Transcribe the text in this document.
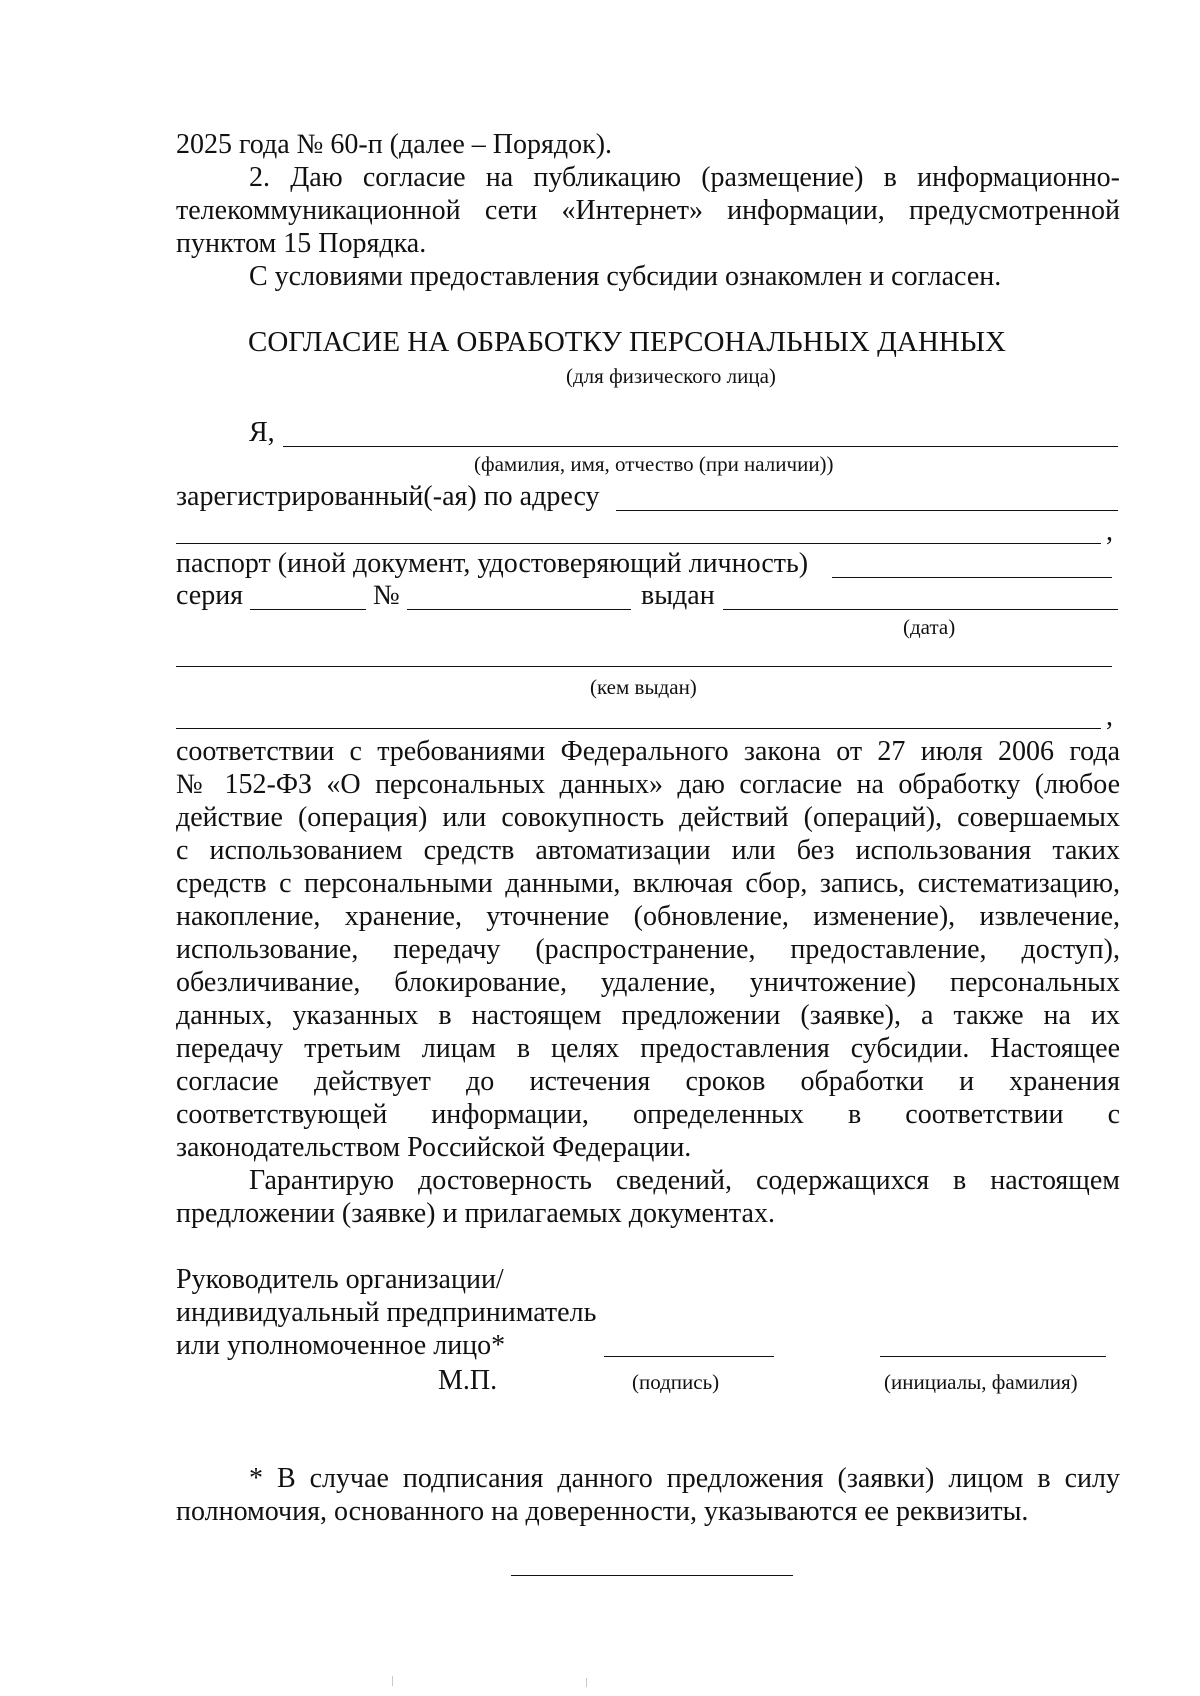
2025 года № 60-п (далее – Порядок).
2. Даю согласие на публикацию (размещение) в информационно-
телекоммуникационной сети «Интернет» информации, предусмотренной
пунктом 15 Порядка.
С условиями предоставления субсидии ознакомлен и согласен.
СОГЛАСИЕ НА ОБРАБОТКУ ПЕРСОНАЛЬНЫХ ДАННЫХ
(для физического лица)
Я,
(фамилия, имя, отчество (при наличии))
зарегистрированный(-ая) по адресу
,
паспорт (иной документ, удостоверяющий личность)
серия	№	выдан
(дата)
(кем выдан)
,
соответствии с требованиями Федерального закона от 27 июля 2006 года
№ 152-ФЗ «О персональных данных» даю согласие на обработку (любое
действие (операция) или совокупность действий (операций), совершаемых
с использованием средств автоматизации или без использования таких
средств с персональными данными, включая сбор, запись, систематизацию,
накопление, хранение, уточнение (обновление, изменение), извлечение,
использование, передачу (распространение, предоставление, доступ),
обезличивание, блокирование, удаление, уничтожение) персональных
данных, указанных в настоящем предложении (заявке), а также на их
передачу третьим лицам в целях предоставления субсидии. Настоящее
согласие действует до истечения сроков обработки и хранения
соответствующей информации, определенных в соответствии с
законодательством Российской Федерации.
Гарантирую достоверность сведений, содержащихся в настоящем
предложении (заявке) и прилагаемых документах.
Руководитель организации/
индивидуальный предприниматель
или уполномоченное лицо*
М.П.	(подпись)	(инициалы, фамилия)
* В случае подписания данного предложения (заявки) лицом в силу
полномочия, основанного на доверенности, указываются ее реквизиты.
